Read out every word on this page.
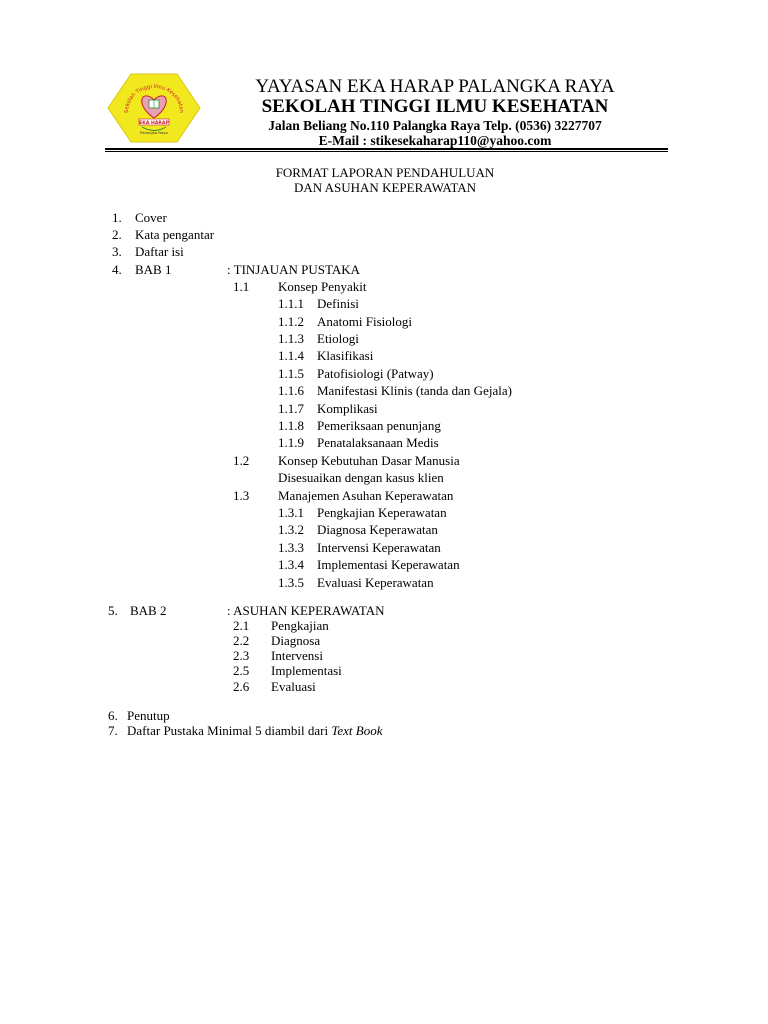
Sekolah Tinggi Ilmu Kesehatan
EKA HARAP
Palangka Raya
YAYASAN EKA HARAP PALANGKA RAYA
SEKOLAH TINGGI ILMU KESEHATAN
Jalan Beliang No.110 Palangka Raya Telp. (0536) 3227707
E-Mail : stikesekaharap110@yahoo.com
FORMAT LAPORAN PENDAHULUAN
DAN ASUHAN KEPERAWATAN
1. Cover
2. Kata pengantar
3. Daftar isi
4. BAB 1	: TINJAUAN PUSTAKA
1.1 Konsep Penyakit
1.1.1 Definisi
1.1.2 Anatomi Fisiologi
1.1.3 Etiologi
1.1.4 Klasifikasi
1.1.5 Patofisiologi (Patway)
1.1.6 Manifestasi Klinis (tanda dan Gejala)
1.1.7 Komplikasi
1.1.8 Pemeriksaan penunjang
1.1.9 Penatalaksanaan Medis
1.2 Konsep Kebutuhan Dasar Manusia
Disesuaikan dengan kasus klien
1.3 Manajemen Asuhan Keperawatan
1.3.1 Pengkajian Keperawatan
1.3.2 Diagnosa Keperawatan
1.3.3 Intervensi Keperawatan
1.3.4 Implementasi Keperawatan
1.3.5 Evaluasi Keperawatan
5. BAB 2	: ASUHAN KEPERAWATAN
2.1 Pengkajian
2.2 Diagnosa
2.3 Intervensi
2.5 Implementasi
2.6 Evaluasi
6. Penutup
7. Daftar Pustaka Minimal 5 diambil dari Text Book
